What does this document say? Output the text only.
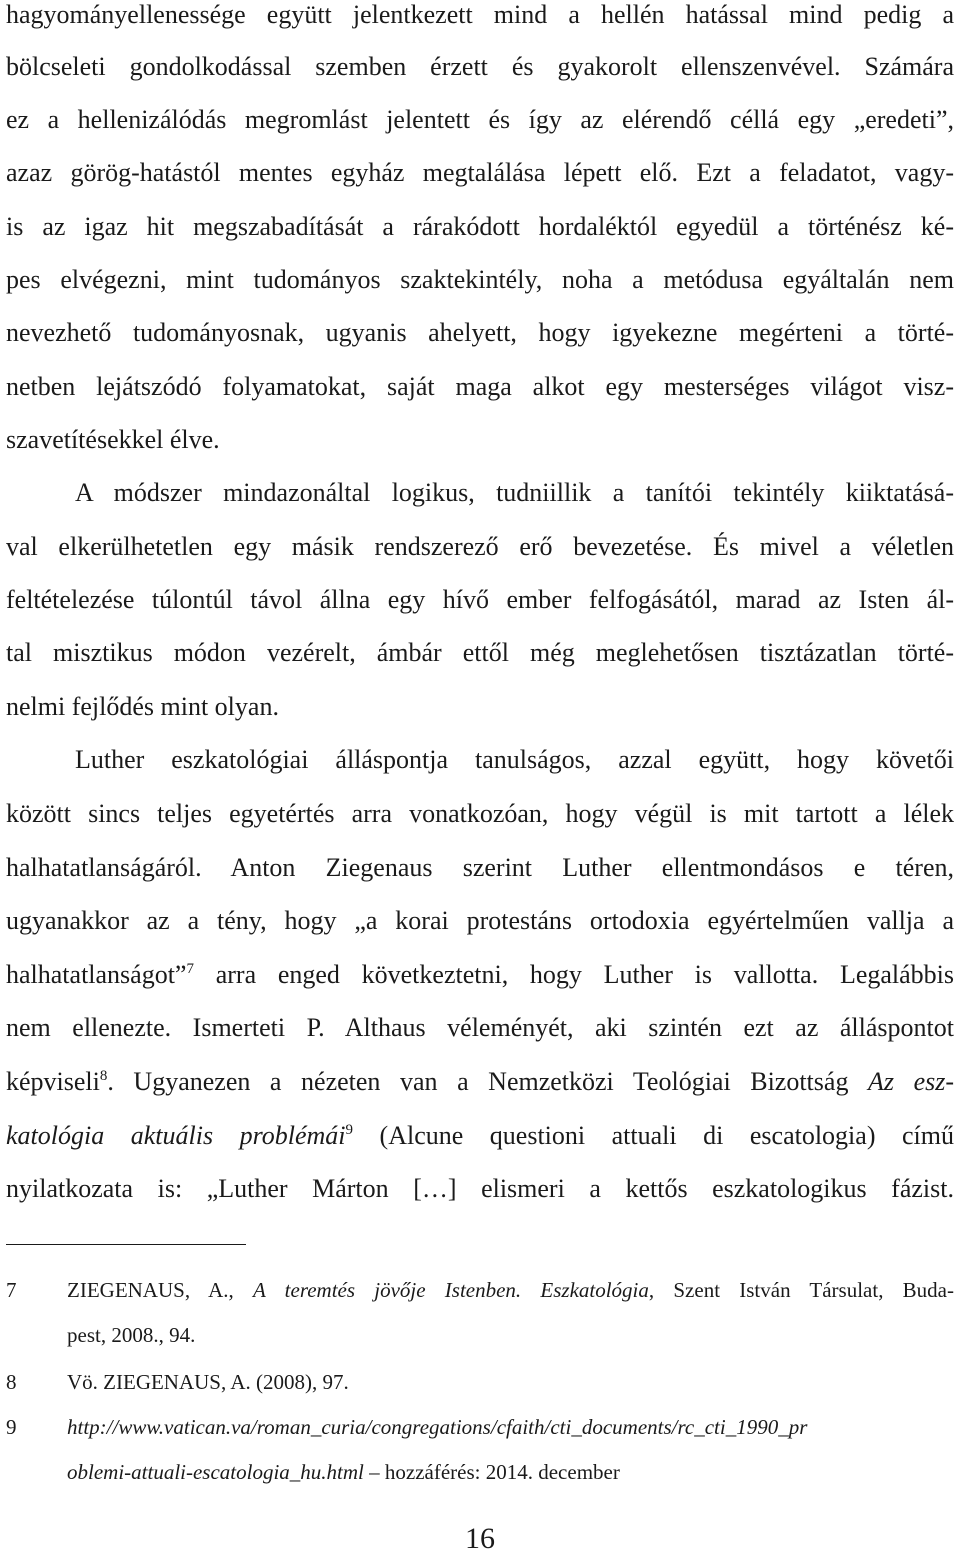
hagyományellenessége együtt jelentkezett mind a hellén hatással mind pedig a
bölcseleti gondolkodással szemben érzett és gyakorolt ellenszenvével. Számára
ez a hellenizálódás megromlást jelentett és így az elérendő céllá egy „eredeti”,
azaz görög-hatástól mentes egyház megtalálása lépett elő. Ezt a feladatot, vagy-
is az igaz hit megszabadítását a rárakódott hordaléktól egyedül a történész ké-
pes elvégezni, mint tudományos szaktekintély, noha a metódusa egyáltalán nem
nevezhető tudományosnak, ugyanis ahelyett, hogy igyekezne megérteni a törté-
netben lejátszódó folyamatokat, saját maga alkot egy mesterséges világot visz-
szavetítésekkel élve.
A módszer mindazonáltal logikus, tudniillik a tanítói tekintély kiiktatásá-
val elkerülhetetlen egy másik rendszerező erő bevezetése. És mivel a véletlen
feltételezése túlontúl távol állna egy hívő ember felfogásától, marad az Isten ál-
tal misztikus módon vezérelt, ámbár ettől még meglehetősen tisztázatlan törté-
nelmi fejlődés mint olyan.
Luther eszkatológiai álláspontja tanulságos, azzal együtt, hogy követői
között sincs teljes egyetértés arra vonatkozóan, hogy végül is mit tartott a lélek
halhatatlanságáról. Anton Ziegenaus szerint Luther ellentmondásos e téren,
ugyanakkor az a tény, hogy „a korai protestáns ortodoxia egyértelműen vallja a
halhatatlanságot”$^7$ arra enged következtetni, hogy Luther is vallotta. Legalábbis
nem ellenezte. Ismerteti P. Althaus véleményét, aki szintén ezt az álláspontot
képviseli$^8$. Ugyanezen a nézeten van a Nemzetközi Teológiai Bizottság Az esz-
katológia aktuális problémái$^9$ (Alcune questioni attuali di escatologia) című
nyilatkozata is: „Luther Márton […] elismeri a kettős eszkatologikus fázist.
7 ZIEGENAUS, A., A teremtés jövője Istenben. Eszkatológia, Szent István Társulat, Buda-
pest, 2008., 94.
8 Vö. ZIEGENAUS, A. (2008), 97.
9 http://www.vatican.va/roman_curia/congregations/cfaith/cti_documents/rc_cti_1990_pr
oblemi-attuali-escatologia_hu.html – hozzáférés: 2014. december
16
